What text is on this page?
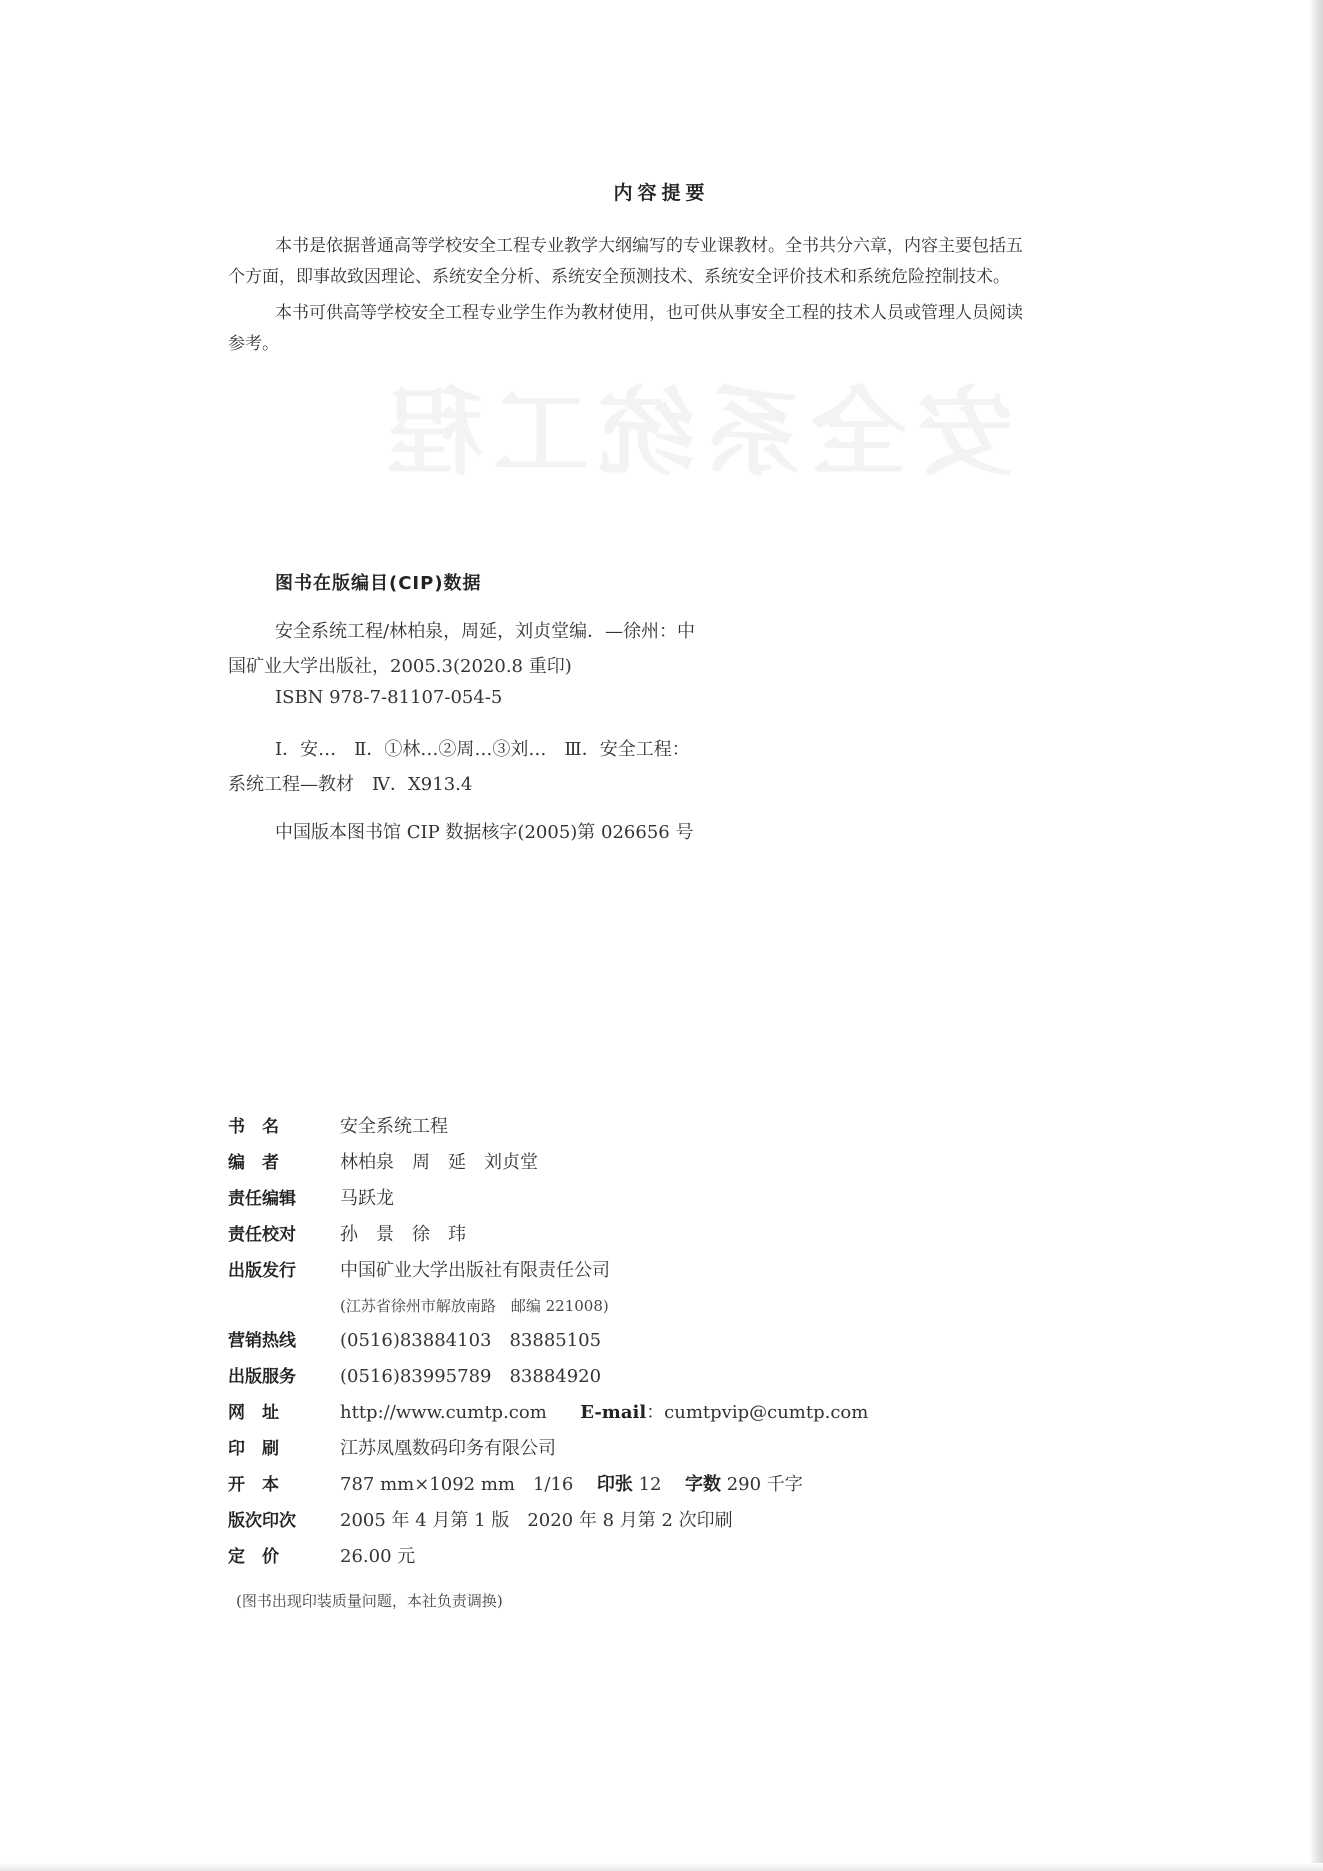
安全系统工程
内容提要
本书是依据普通高等学校安全工程专业教学大纲编写的专业课教材。全书共分六章，内容主要包括五
个方面，即事故致因理论、系统安全分析、系统安全预测技术、系统安全评价技术和系统危险控制技术。
本书可供高等学校安全工程专业学生作为教材使用，也可供从事安全工程的技术人员或管理人员阅读
参考。
图书在版编目(CIP)数据
安全系统工程/林柏泉，周延，刘贞堂编．—徐州：中
国矿业大学出版社，2005.3(2020.8 重印)
ISBN 978-7-81107-054-5
Ⅰ．安…　Ⅱ．①林…②周…③刘…　Ⅲ．安全工程：
系统工程—教材　Ⅳ．X913.4
中国版本图书馆 CIP 数据核字(2005)第 026656 号
书　名	安全系统工程
编　者	林柏泉　周　延　刘贞堂
责任编辑	马跃龙
责任校对	孙　景　徐　玮
出版发行	中国矿业大学出版社有限责任公司
(江苏省徐州市解放南路　邮编 221008)
营销热线	(0516)83884103　83885105
出版服务	(0516)83995789　83884920
网　址	http://www.cumtp.com E-mail：cumtpvip@cumtp.com
印　刷	江苏凤凰数码印务有限公司
开　本	787 mm×1092 mm　1/16 印张 12 字数 290 千字
版次印次	2005 年 4 月第 1 版　2020 年 8 月第 2 次印刷
定　价	26.00 元
(图书出现印装质量问题，本社负责调换)
